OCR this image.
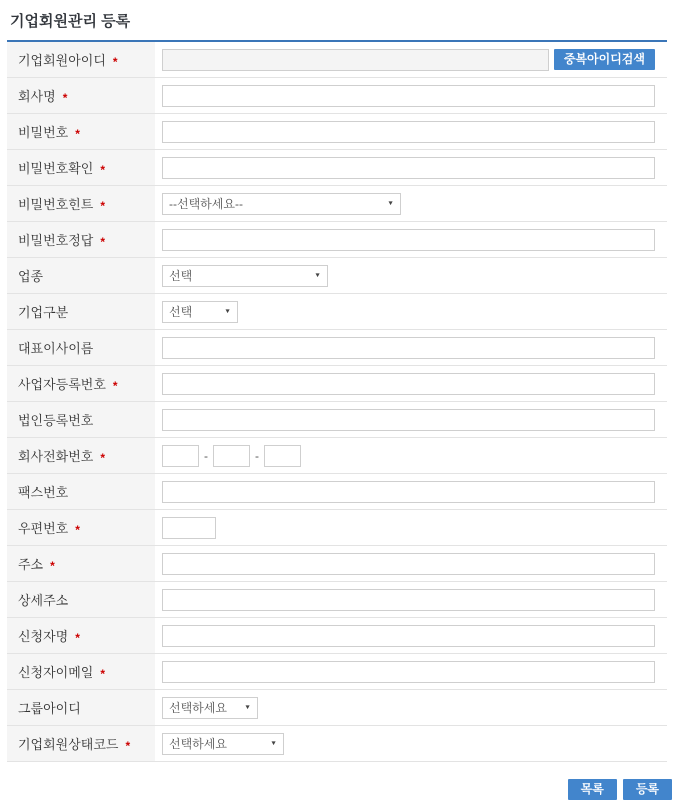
기업회원관리 등록
기업회원아이디 *	중복아이디검색
회사명 *
비밀번호 *
비밀번호확인 *
비밀번호힌트 *	--선택하세요--	▼
비밀번호정답 *
업종	선택	▼
기업구분	선택	▼
대표이사이름
사업자등록번호 *
법인등록번호
회사전화번호 *	-	-
팩스번호
우편번호 *
주소 *
상세주소
신청자명 *
신청자이메일 *
그룹아이디	선택하세요 ▼
기업회원상태코드 *	선택하세요	▼
목록	등록
